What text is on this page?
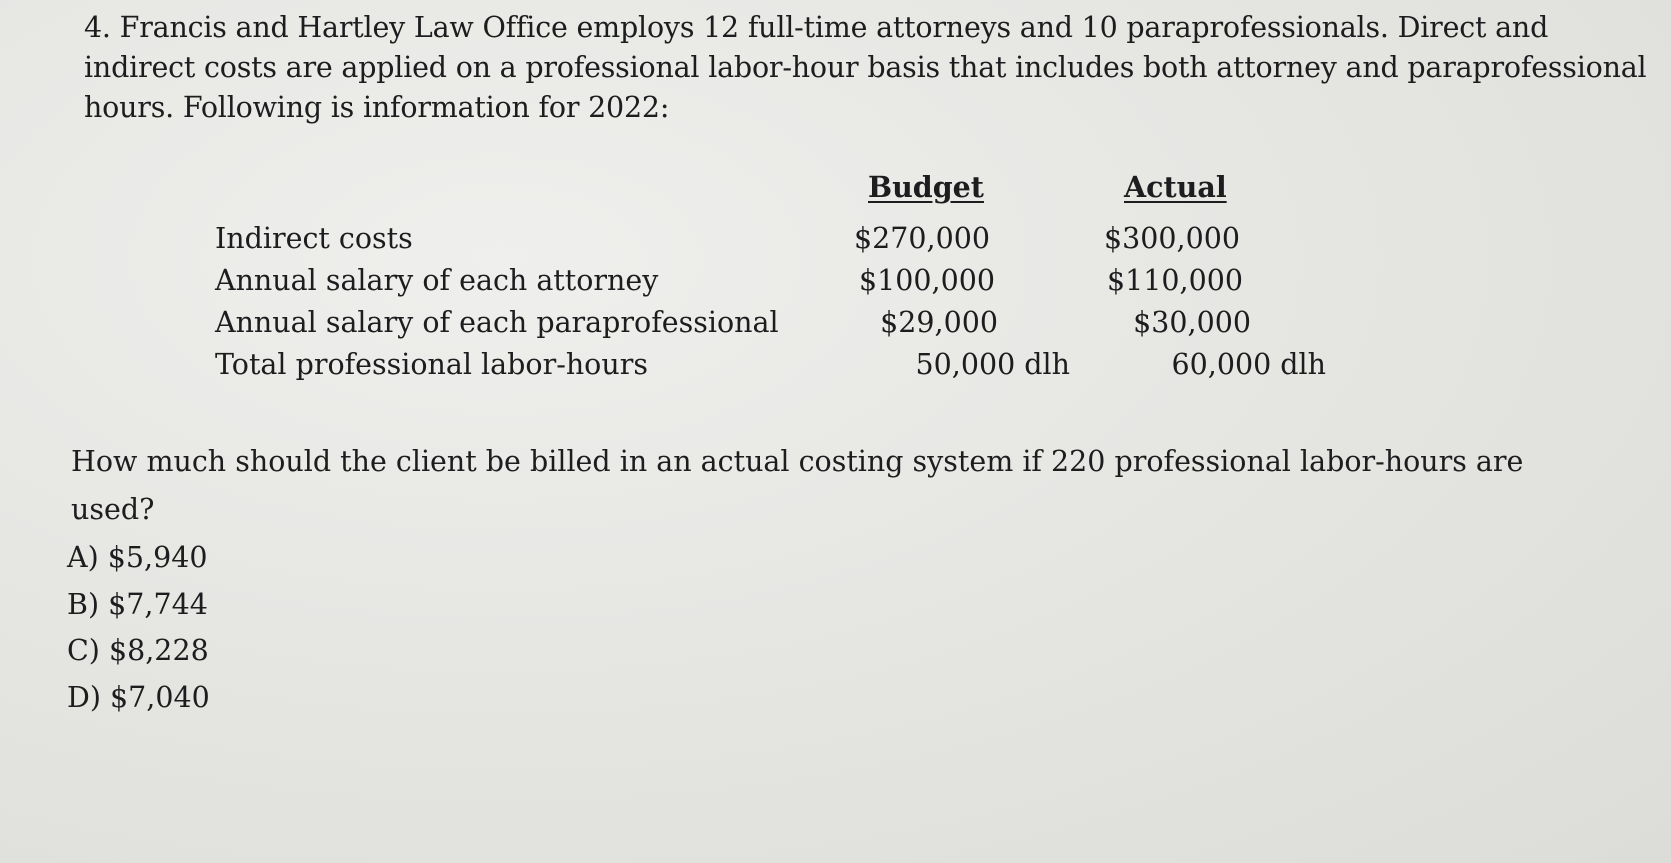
4. Francis and Hartley Law Office employs 12 full-time attorneys and 10 paraprofessionals. Direct and indirect costs are applied on a professional labor-hour basis that includes both attorney and paraprofessional hours. Following is information for 2022:
Budget	Actual
Indirect costs	$270,000	$300,000
Annual salary of each attorney	$100,000	$110,000
Annual salary of each paraprofessional	$29,000	$30,000
Total professional labor-hours	50,000 dlh	60,000 dlh
How much should the client be billed in an actual costing system if 220 professional labor-hours are
used?
A) $5,940
B) $7,744
C) $8,228
D) $7,040
